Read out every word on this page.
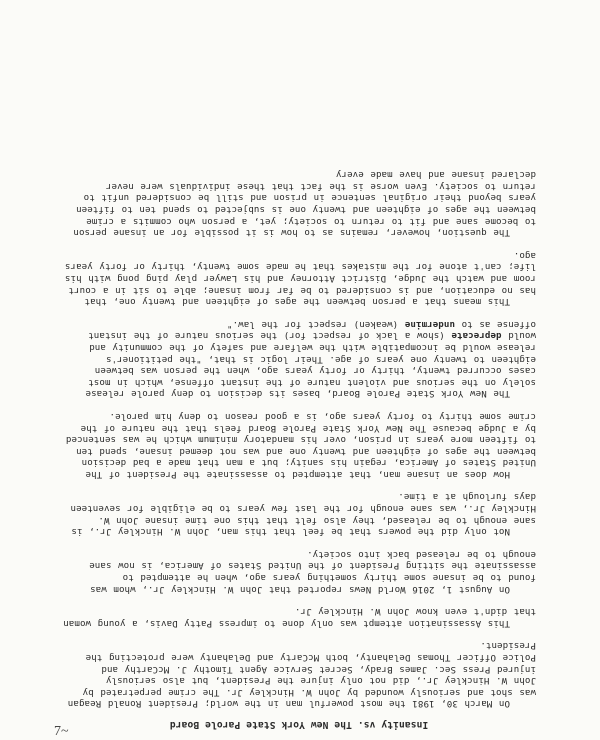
Insanity vs. The New York State Parole Board

On March 30, 1981 the most powerful man in the world; President Ronald Reagan was shot and seriously wounded by John W. Hinckley Jr. The crime perpetrated by John W. Hinckley Jr., did not only injure the President, but also seriously injured Press Sec. James Brady, Secret Service Agent Timothy J. McCarthy and Police Officer Thomas Delahanty, both McCarty and Delahanty were protecting the President.

This Assassination attempt was only done to impress Patty Davis, a young woman that didn't even know John W. Hinckley Jr.

On August 1, 2016 World News reported that John W. Hinckley Jr., whom was found to be insane some thirty something years ago, when he attempted to assassinate the sitting President of the United States of America, is now sane enough to be released back into society.

Not only did the powers that be feel that this man, John W. Hinckley Jr., is sane enough to be released, they also felt that this one time insane John W. Hinckley Jr., was sane enough for the last few years to be eligible for seventeen days furlough at a time.

How does an insane man, that attempted to assassinate the President of The United States of America, regain his sanity; but a man that made a bad decision between the ages of eighteen and twenty one and was not deemed insane, spend ten to fifteen more years in prison, over his mandatory minimum which he was sentenced by a Judge because The New York State Parole Board feels that the nature of the crime some thirty to forty years ago, is a good reason to deny him parole.

The New York State Parole Board, bases its decision to deny parole release solely on the serious and violent nature of the instant offense, which in most cases occurred twenty, thirty or forty years ago, when the person was between eighteen to twenty one years of age. Their logic is that, "the petitioner's release would be incompatible with the welfare and safety of the community and would deprecate (show a lack of respect for) the serious nature of the instant offense as to undermine (weaken) respect for the law."

This means that a person between the ages of eighteen and twenty one, that has no education, and is considered to be far from insane; able to sit in a court room and watch the Judge, District Attorney and his Lawyer play ping pong with his life; can't atone for the mistakes that he made some twenty, thirty or forty years ago.

The question, however, remains as to how is it possible for an insane person to become sane and fit to return to society; yet, a person who commits a crime between the ages of eighteen and twenty one is subjected to spend ten to fifteen years beyond their original sentence in prison and still be considered unfit to return to society. Even worse is the fact that these individuals were never declared insane and have made every

7~
